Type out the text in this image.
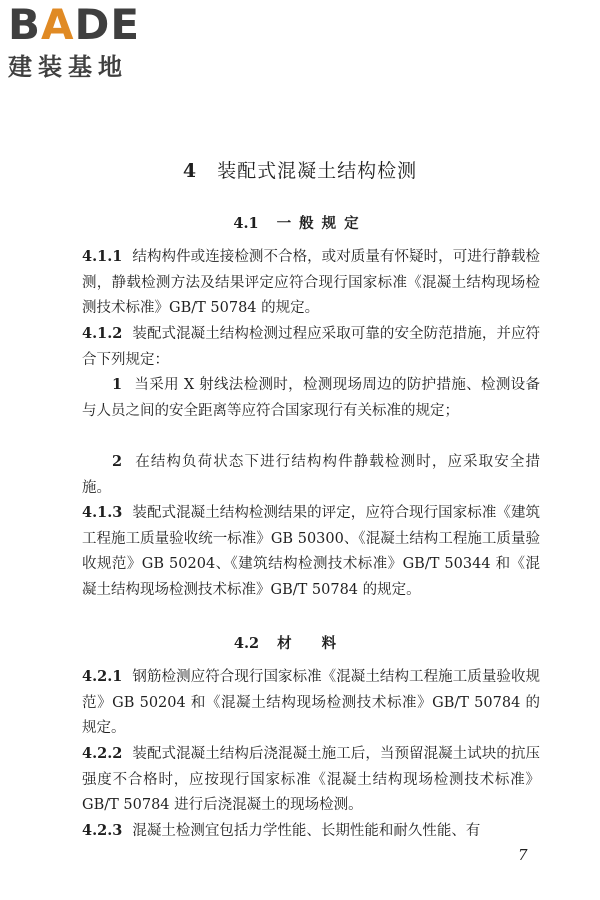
BADE
建装基地
4 装配式混凝土结构检测
4.1 一般规定

4.1.1 结构构件或连接检测不合格，或对质量有怀疑时，可进行静载检测，静载检测方法及结果评定应符合现行国家标准《混凝土结构现场检测技术标准》GB/T 50784 的规定。

4.1.2 装配式混凝土结构检测过程应采取可靠的安全防范措施，并应符合下列规定：

1 当采用 X 射线法检测时，检测现场周边的防护措施、检测设备与人员之间的安全距离等应符合国家现行有关标准的规定；

2 在结构负荷状态下进行结构构件静载检测时，应采取安全措施。

4.1.3 装配式混凝土结构检测结果的评定，应符合现行国家标准《建筑工程施工质量验收统一标准》GB 50300、《混凝土结构工程施工质量验收规范》GB 50204、《建筑结构检测技术标准》GB/T 50344 和《混凝土结构现场检测技术标准》GB/T 50784 的规定。

4.2 材料

4.2.1 钢筋检测应符合现行国家标准《混凝土结构工程施工质量验收规范》GB 50204 和《混凝土结构现场检测技术标准》GB/T 50784 的规定。

4.2.2 装配式混凝土结构后浇混凝土施工后，当预留混凝土试块的抗压强度不合格时，应按现行国家标准《混凝土结构现场检测技术标准》GB/T 50784 进行后浇混凝土的现场检测。

4.2.3 混凝土检测宜包括力学性能、长期性能和耐久性能、有

7
